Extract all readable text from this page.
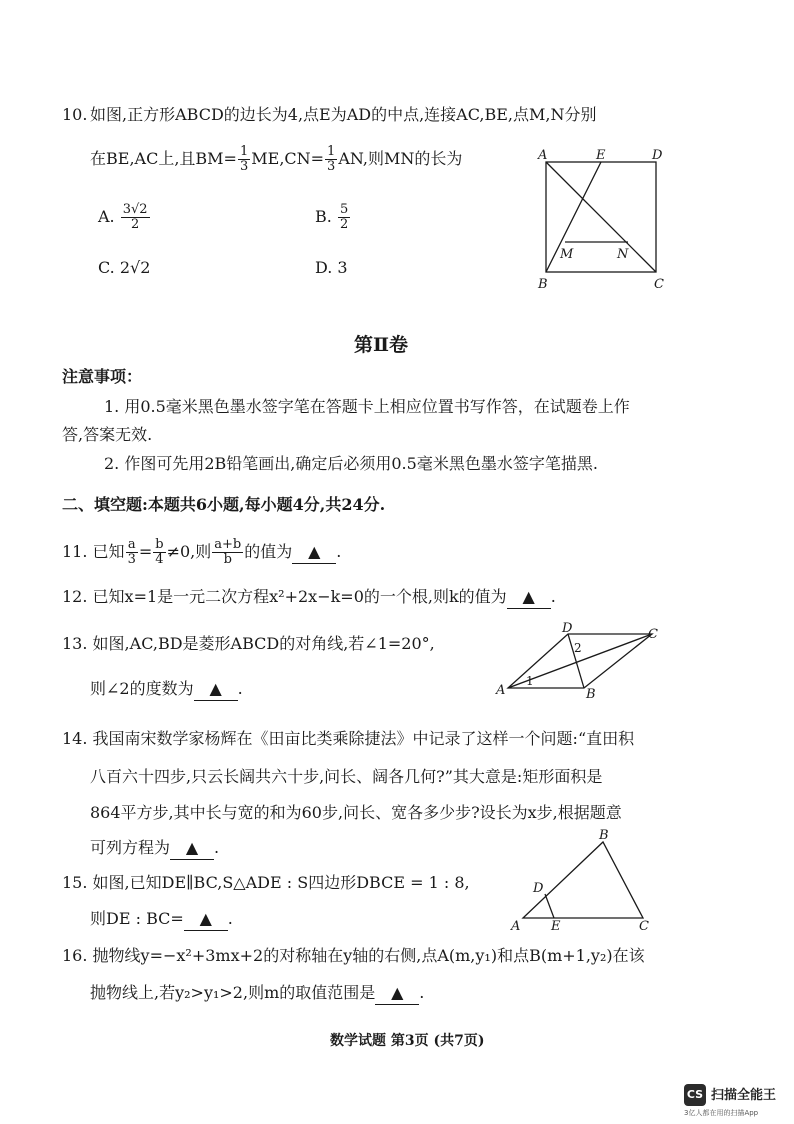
10. 如图,正方形ABCD的边长为4,点E为AD的中点,连接AC,BE,点M,N分别
在BE,AC上,且$BM= \frac{1}{3} ME,CN= \frac{1}{3}$ AN,则MN的长为
A. $\frac{3√2}{2}$	B. $\frac{5}{2}$
C. 2√2	D. 3
A	E	D
M	N
B	C
第Ⅱ卷
注意事项：
1. 用0.5毫米黑色墨水签字笔在答题卡上相应位置书写作答，在试题卷上作
答,答案无效.
2. 作图可先用2B铅笔画出,确定后必须用0.5毫米黑色墨水签字笔描黑.
二、填空题:本题共6小题,每小题4分,共24分.
11. 已知 $\frac{a}{3} = \frac{b}{4} \ne 0$,则 $\frac{a+b}{b}$ 的值为 ▲ .
12. 已知x=1是一元二次方程x²+2x−k=0的一个根,则k的值为 ▲ .
13. 如图,AC,BD是菱形ABCD的对角线,若∠1=20°,
则∠2的度数为 ▲ .
D	C
A	B
1
2
14. 我国南宋数学家杨辉在《田亩比类乘除捷法》中记录了这样一个问题:“直田积
八百六十四步,只云长阔共六十步,问长、阔各几何?”其大意是:矩形面积是
864平方步,其中长与宽的和为60步,问长、宽各多少步?设长为x步,根据题意
可列方程为 ▲ .
15. 如图,已知DE∥BC,S△ADE : S四边形DBCE = 1 : 8,
则DE : BC= ▲ .
B
D
A E	C
16. 抛物线y=−x²+3mx+2的对称轴在y轴的右侧,点A(m,y₁)和点B(m+1,y₂)在该
抛物线上,若y₂>y₁>2,则m的取值范围是 ▲ .
数学试题 第3页 (共7页)
CS 扫描全能王
3亿人都在用的扫描App
